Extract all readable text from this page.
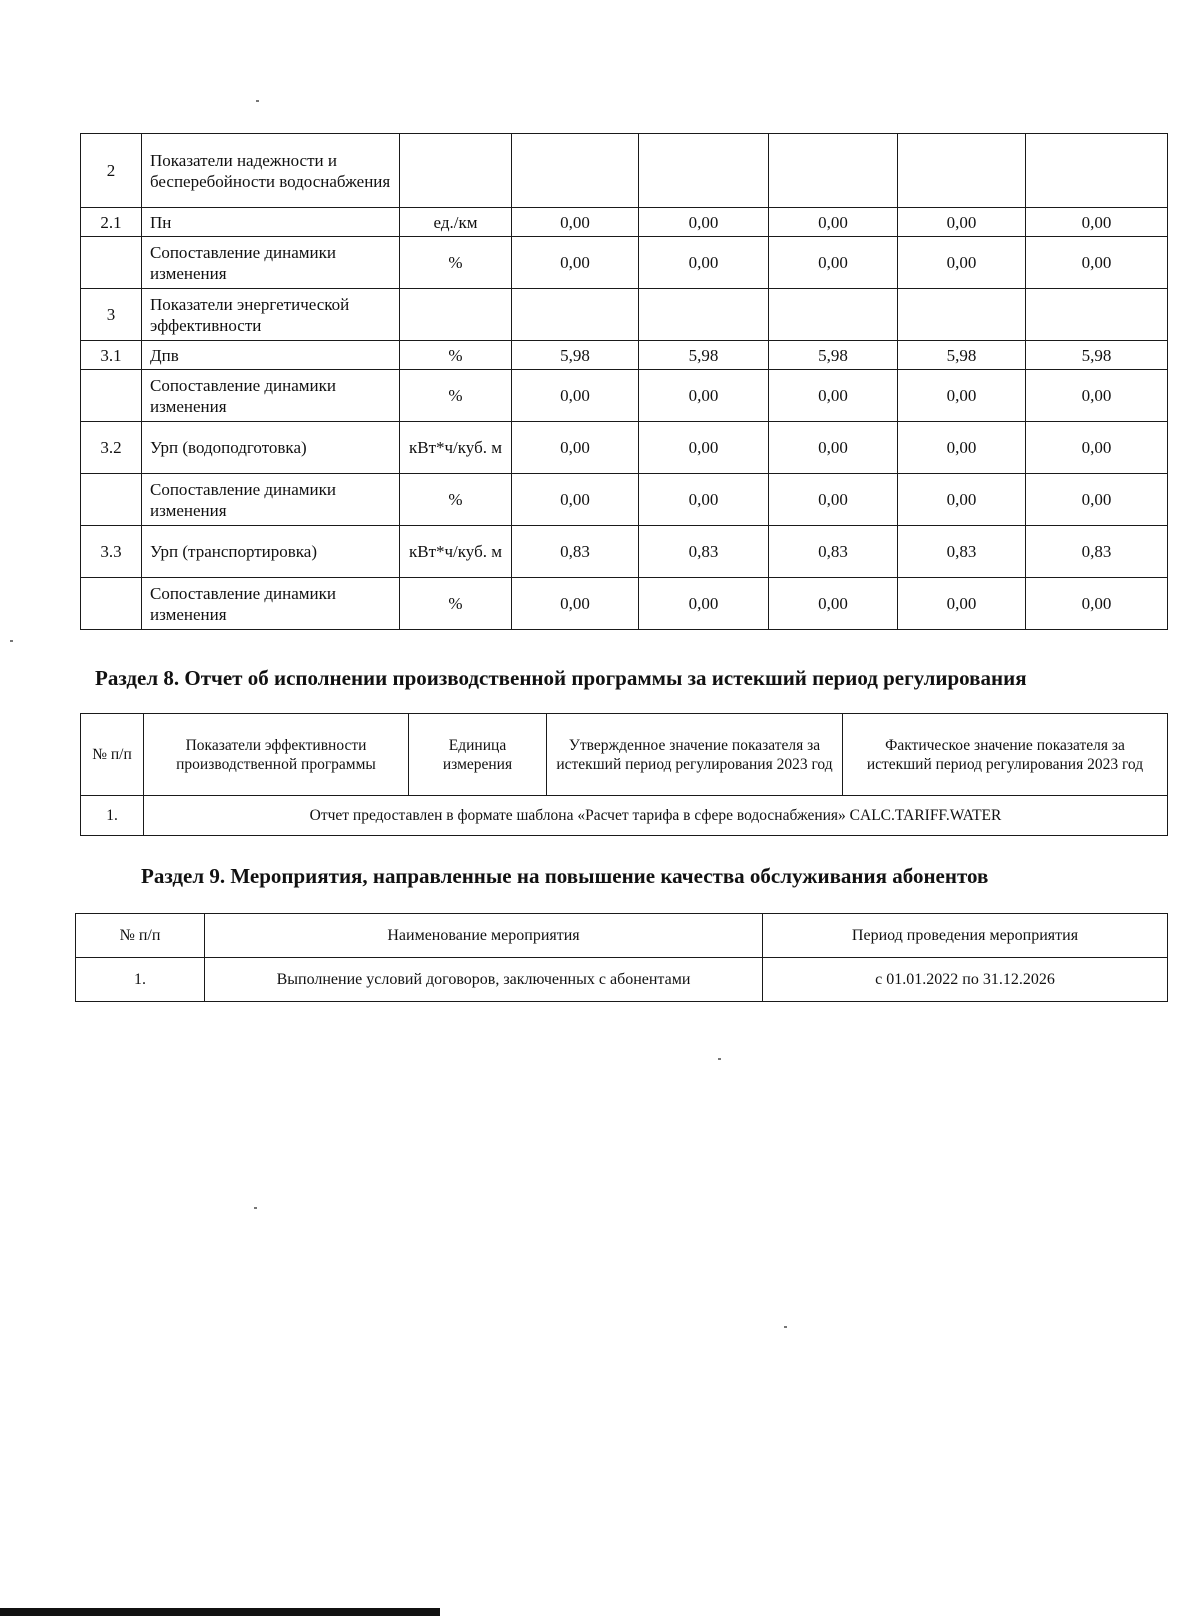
2	Показатели надежности и бесперебойности водоснабжения						
2.1	Пн	ед./км	0,00	0,00	0,00	0,00	0,00
	Сопоставление динамики изменения	%	0,00	0,00	0,00	0,00	0,00
3	Показатели энергетической эффективности						
3.1	Дпв	%	5,98	5,98	5,98	5,98	5,98
	Сопоставление динамики изменения	%	0,00	0,00	0,00	0,00	0,00
3.2	Урп (водоподготовка)	кВт*ч/куб. м	0,00	0,00	0,00	0,00	0,00
	Сопоставление динамики изменения	%	0,00	0,00	0,00	0,00	0,00
3.3	Урп (транспортировка)	кВт*ч/куб. м	0,83	0,83	0,83	0,83	0,83
	Сопоставление динамики изменения	%	0,00	0,00	0,00	0,00	0,00
Раздел 8. Отчет об исполнении производственной программы за истекший период регулирования
№ п/п	Показатели эффективности производственной программы	Единица измерения	Утвержденное значение показателя за истекший период регулирования 2023 год	Фактическое значение показателя за истекший период регулирования 2023 год
1.	Отчет предоставлен в формате шаблона «Расчет тарифа в сфере водоснабжения» CALC.TARIFF.WATER			
Раздел 9. Мероприятия, направленные на повышение качества обслуживания абонентов
№ п/п	Наименование мероприятия	Период проведения мероприятия
1.	Выполнение условий договоров, заключенных с абонентами	с 01.01.2022 по 31.12.2026
